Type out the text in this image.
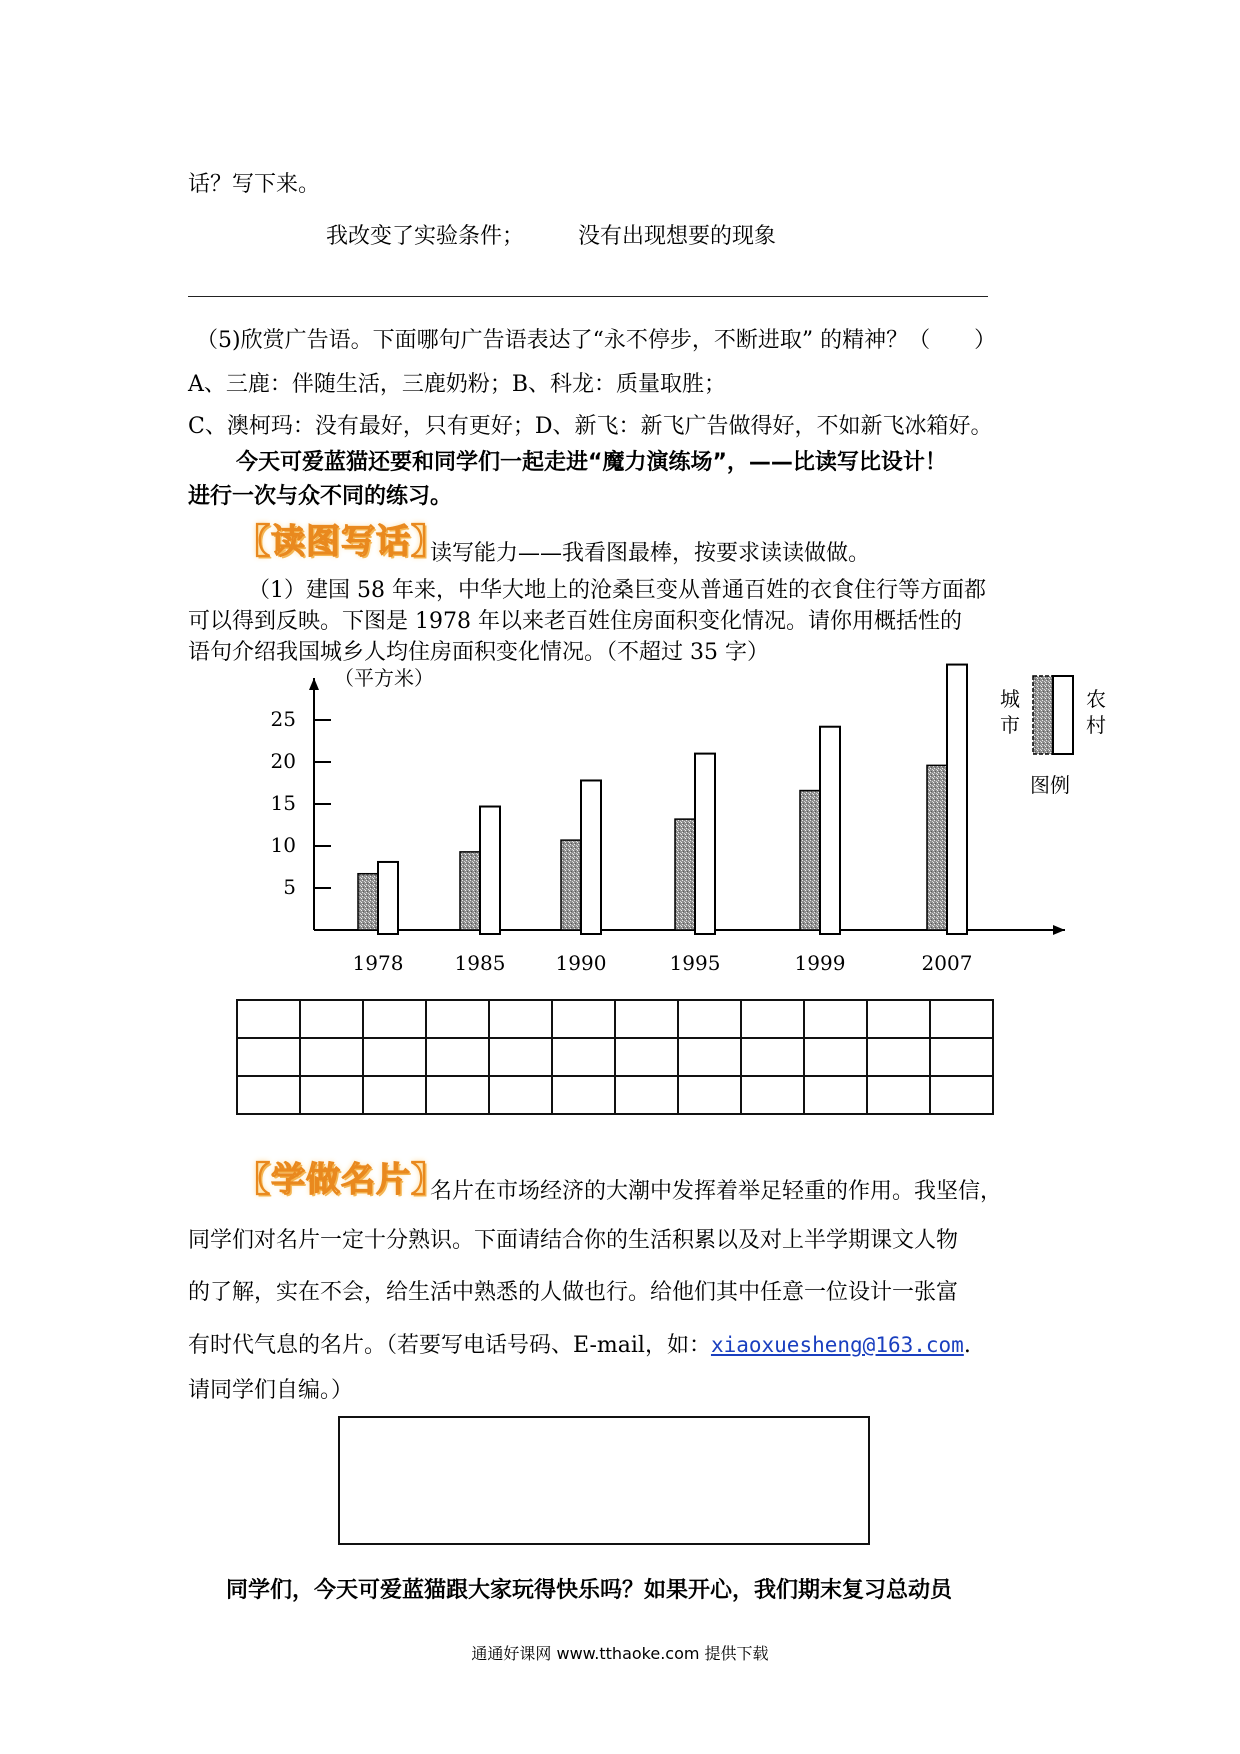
话？写下来。
我改变了实验条件； 没有出现想要的现象
（5)欣赏广告语。下面哪句广告语表达了“永不停步，不断进取” 的精神？（　　）
A、三鹿：伴随生活，三鹿奶粉；B、科龙：质量取胜；
C、澳柯玛：没有最好，只有更好；D、新飞：新飞广告做得好，不如新飞冰箱好。
今天可爱蓝猫还要和同学们一起走进“魔力演练场”，——比读写比设计！
进行一次与众不同的练习。
【读图写话】
读写能力——我看图最棒，按要求读读做做。
（1）建国 58 年来，中华大地上的沧桑巨变从普通百姓的衣食住行等方面都
可以得到反映。下图是 1978 年以来老百姓住房面积变化情况。请你用概括性的
语句介绍我国城乡人均住房面积变化情况。（不超过 35 字）
（平方米）
25
20
15
10
5
1978	1985	1990	1995	1999	2007
城
市
农
村
图例

【学做名片】
名片在市场经济的大潮中发挥着举足轻重的作用。我坚信，
同学们对名片一定十分熟识。下面请结合你的生活积累以及对上半学期课文人物
的了解，实在不会，给生活中熟悉的人做也行。给他们其中任意一位设计一张富
有时代气息的名片。（若要写电话号码、E-mail，如：xiaoxuesheng@163.com.
请同学们自编。）
同学们，今天可爱蓝猫跟大家玩得快乐吗？如果开心，我们期末复习总动员
通通好课网 www.tthaoke.com 提供下载
